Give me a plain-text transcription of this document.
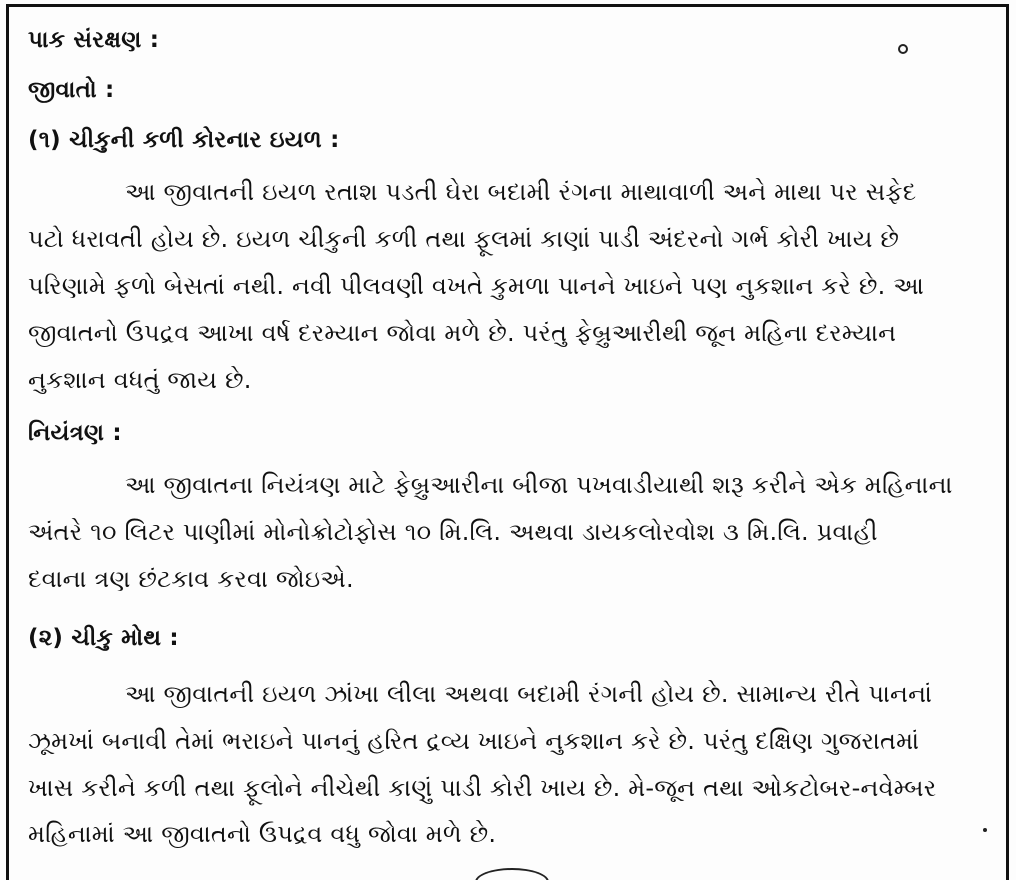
પાક સંરક્ષણ :
જીવાતો :
(૧) ચીકુની કળી કોરનાર ઇયળ :
આ જીવાતની ઇયળ રતાશ પડતી ઘેરા બદામી રંગના માથાવાળી અને માથા પર સફેદ
પટો ધરાવતી હોય છે. ઇયળ ચીકુની કળી તથા ફૂલમાં કાણાં પાડી અંદરનો ગર્ભ કોરી ખાય છે
પરિણામે ફળો બેસતાં નથી. નવી પીલવણી વખતે કુમળા પાનને ખાઇને પણ નુકશાન કરે છે. આ
જીવાતનો ઉપદ્રવ આખા વર્ષ દરમ્યાન જોવા મળે છે. પરંતુ ફેબ્રુઆરીથી જૂન મહિના દરમ્યાન
નુકશાન વધતું જાય છે.
નિયંત્રણ :
આ જીવાતના નિયંત્રણ માટે ફેબ્રુઆરીના બીજા પખવાડીયાથી શરૂ કરીને એક મહિનાના
અંતરે ૧૦ લિટર પાણીમાં મોનોક્રોટોફોસ ૧૦ મિ.લિ. અથવા ડાયકલોરવોશ ૩ મિ.લિ. પ્રવાહી
દવાના ત્રણ છંટકાવ કરવા જોઇએ.
(૨) ચીકુ મોથ :
આ જીવાતની ઇયળ ઝાંખા લીલા અથવા બદામી રંગની હોય છે. સામાન્ય રીતે પાનનાં
ઝૂમખાં બનાવી તેમાં ભરાઇને પાનનું હરિત દ્રવ્ય ખાઇને નુકશાન કરે છે. પરંતુ દક્ષિણ ગુજરાતમાં
ખાસ કરીને કળી તથા ફૂલોને નીચેથી કાણું પાડી કોરી ખાય છે. મે-જૂન તથા ઓકટોબર-નવેમ્બર
મહિનામાં આ જીવાતનો ઉપદ્રવ વધુ જોવા મળે છે.
